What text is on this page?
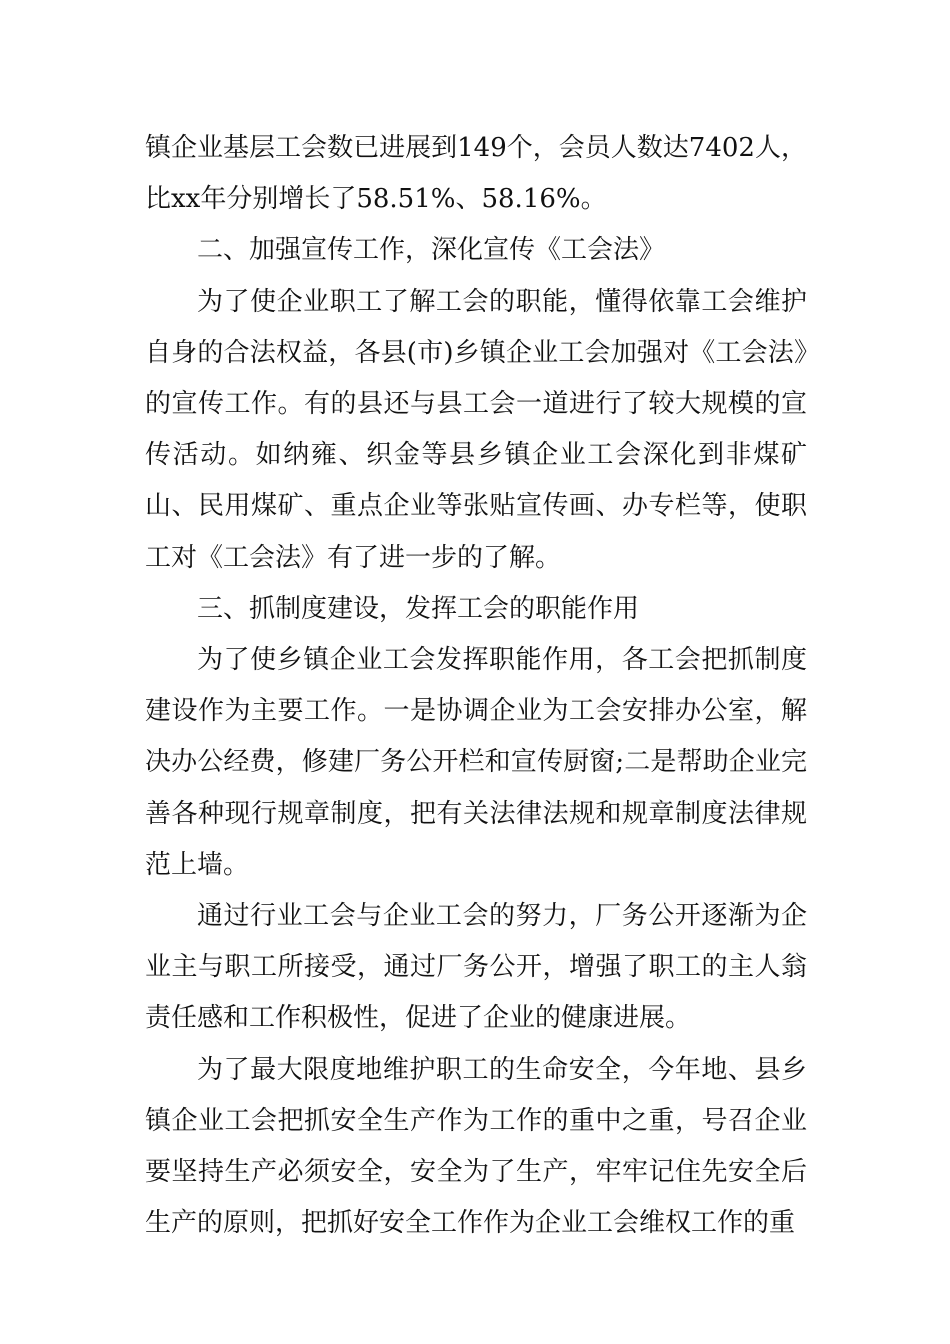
镇企业基层工会数已进展到149个，会员人数达7402人，比xx年分别增长了58.51%、58.16%。

二、加强宣传工作，深化宣传《工会法》

为了使企业职工了解工会的职能，懂得依靠工会维护自身的合法权益，各县(市)乡镇企业工会加强对《工会法》的宣传工作。有的县还与县工会一道进行了较大规模的宣传活动。如纳雍、织金等县乡镇企业工会深化到非煤矿山、民用煤矿、重点企业等张贴宣传画、办专栏等，使职工对《工会法》有了进一步的了解。

三、抓制度建设，发挥工会的职能作用

为了使乡镇企业工会发挥职能作用，各工会把抓制度建设作为主要工作。一是协调企业为工会安排办公室，解决办公经费，修建厂务公开栏和宣传厨窗;二是帮助企业完善各种现行规章制度，把有关法律法规和规章制度法律规范上墙。

通过行业工会与企业工会的努力，厂务公开逐渐为企业主与职工所接受，通过厂务公开，增强了职工的主人翁责任感和工作积极性，促进了企业的健康进展。

为了最大限度地维护职工的生命安全，今年地、县乡镇企业工会把抓安全生产作为工作的重中之重，号召企业要坚持生产必须安全，安全为了生产，牢牢记住先安全后生产的原则，把抓好安全工作作为企业工会维权工作的重
